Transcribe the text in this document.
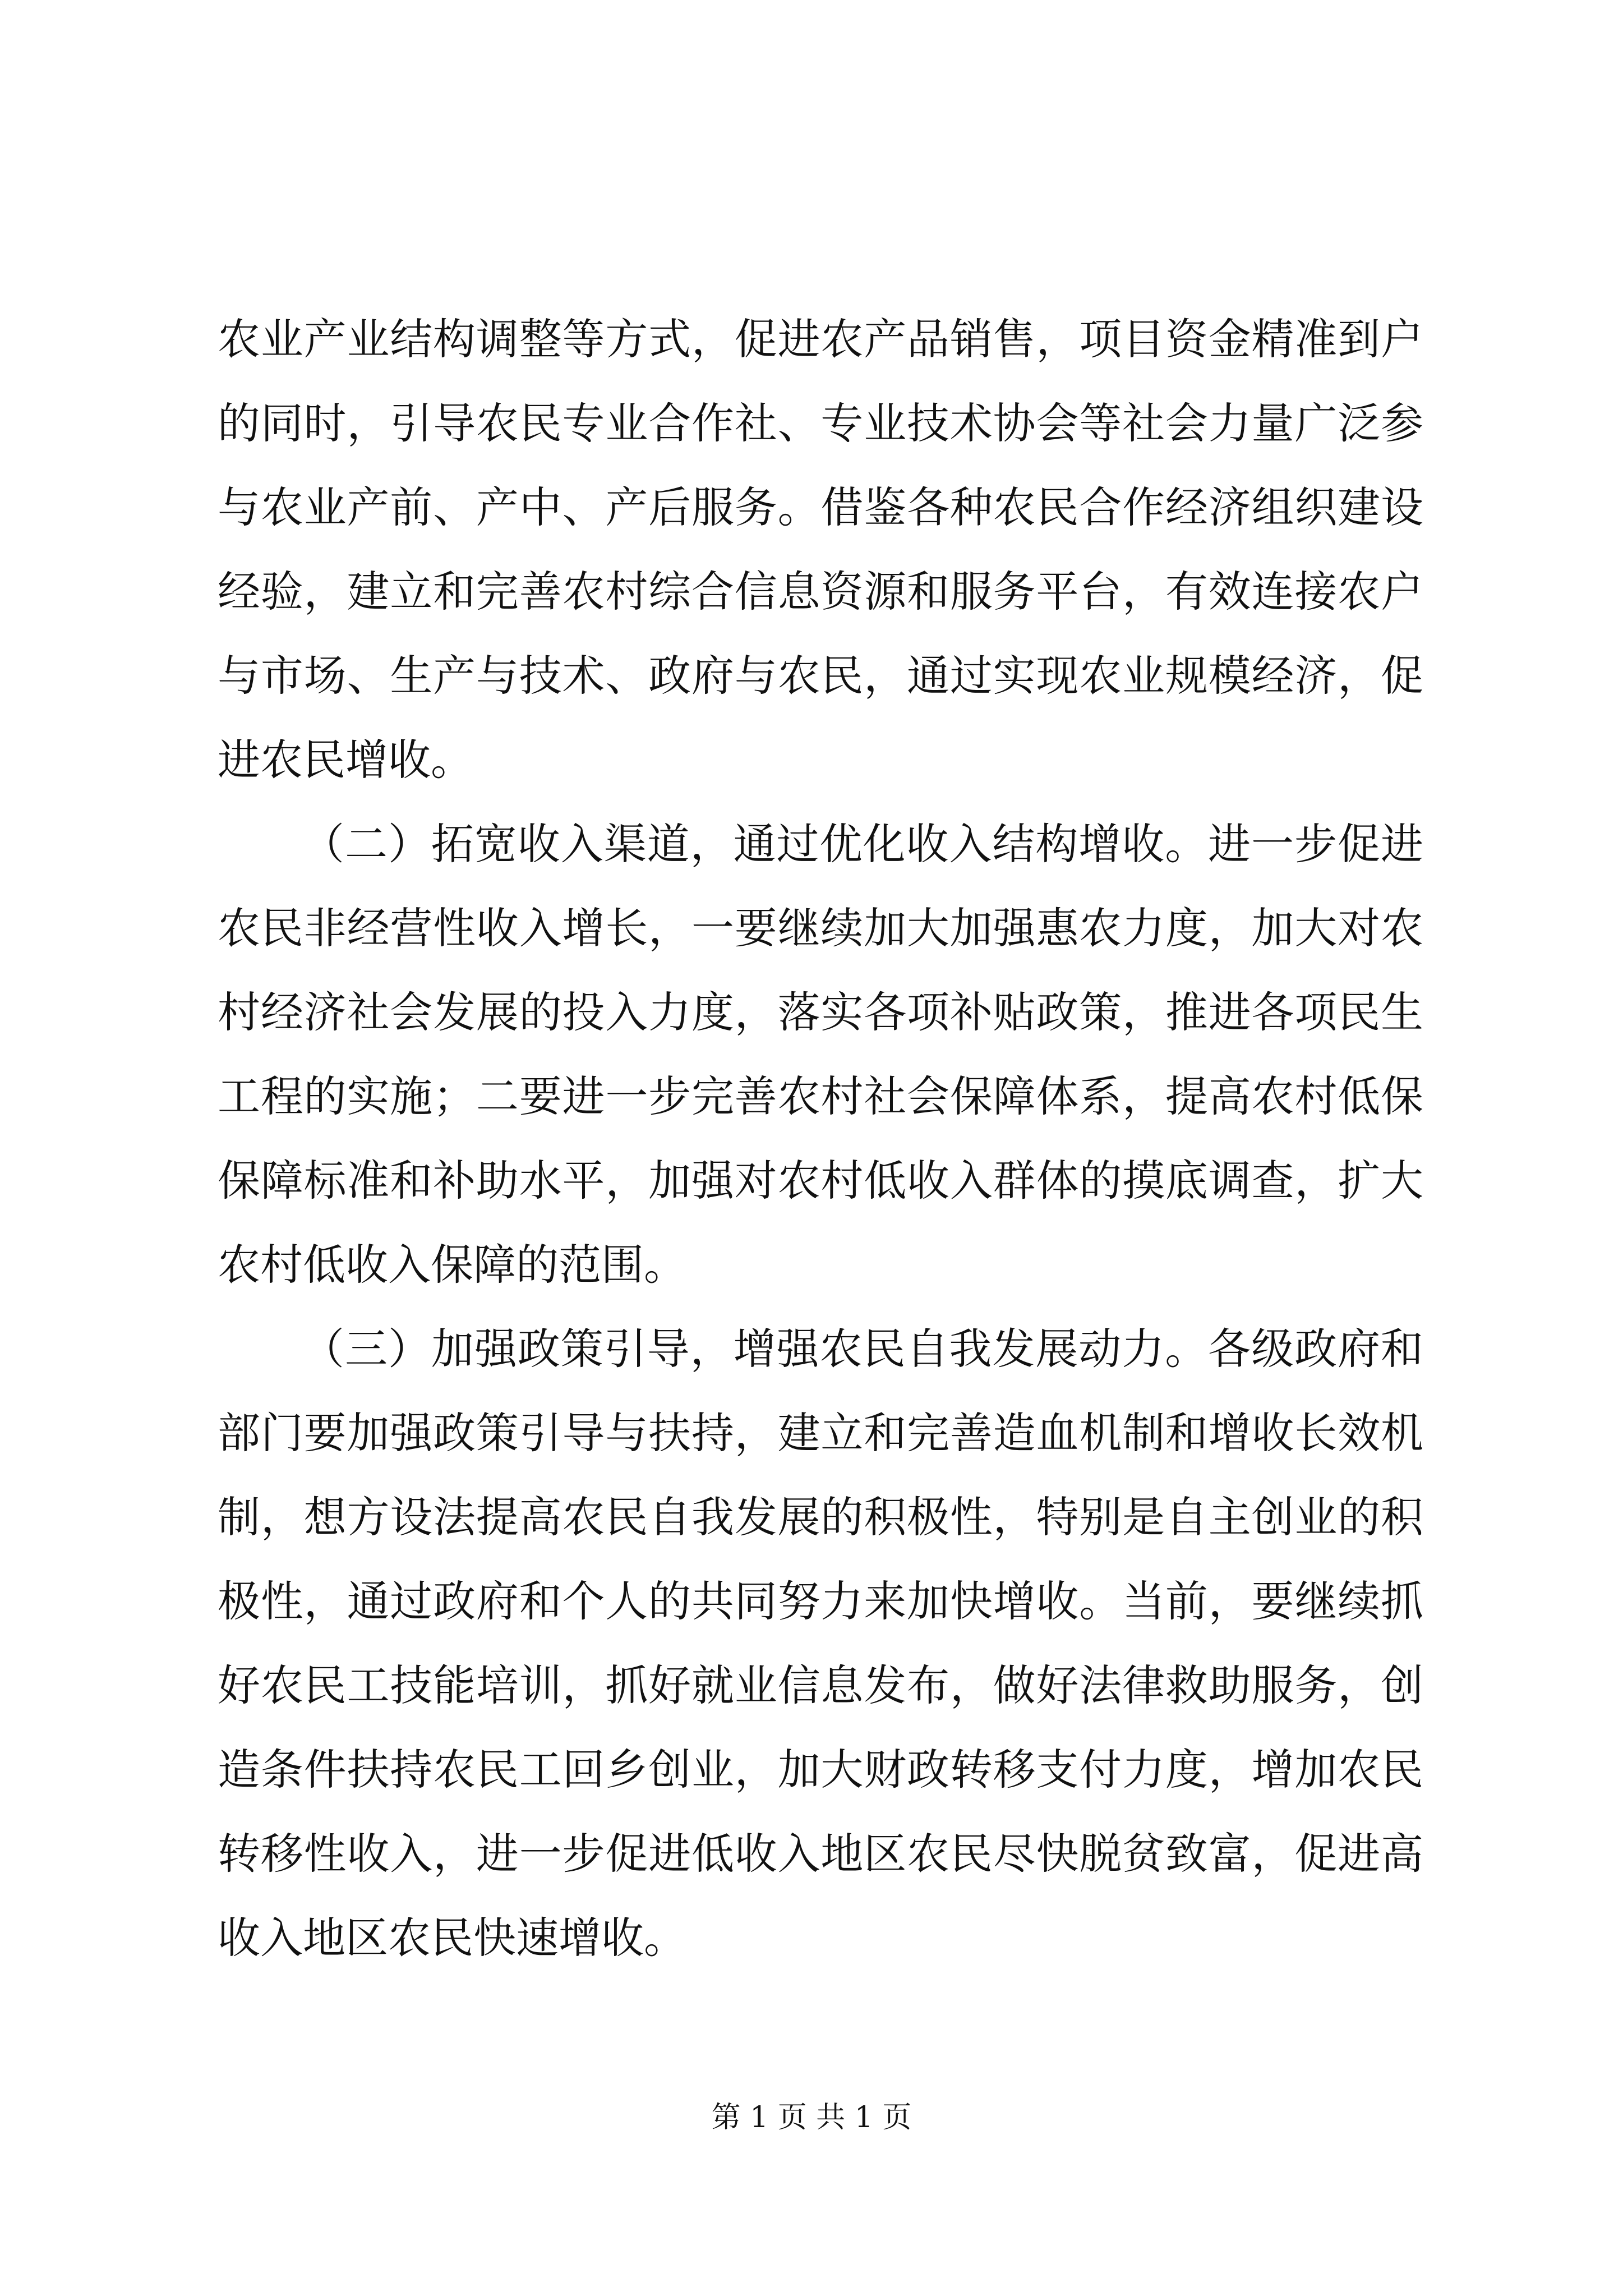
农业产业结构调整等方式，促进农产品销售，项目资金精准到户
的同时，引导农民专业合作社、专业技术协会等社会力量广泛参
与农业产前、产中、产后服务。借鉴各种农民合作经济组织建设
经验，建立和完善农村综合信息资源和服务平台，有效连接农户
与市场、生产与技术、政府与农民，通过实现农业规模经济，促
进农民增收。
（二）拓宽收入渠道，通过优化收入结构增收。进一步促进
农民非经营性收入增长，一要继续加大加强惠农力度，加大对农
村经济社会发展的投入力度，落实各项补贴政策，推进各项民生
工程的实施；二要进一步完善农村社会保障体系，提高农村低保
保障标准和补助水平，加强对农村低收入群体的摸底调查，扩大
农村低收入保障的范围。
（三）加强政策引导，增强农民自我发展动力。各级政府和
部门要加强政策引导与扶持，建立和完善造血机制和增收长效机
制，想方设法提高农民自我发展的积极性，特别是自主创业的积
极性，通过政府和个人的共同努力来加快增收。当前，要继续抓
好农民工技能培训，抓好就业信息发布，做好法律救助服务，创
造条件扶持农民工回乡创业，加大财政转移支付力度，增加农民
转移性收入，进一步促进低收入地区农民尽快脱贫致富，促进高
收入地区农民快速增收。
第 1 页 共 1 页
